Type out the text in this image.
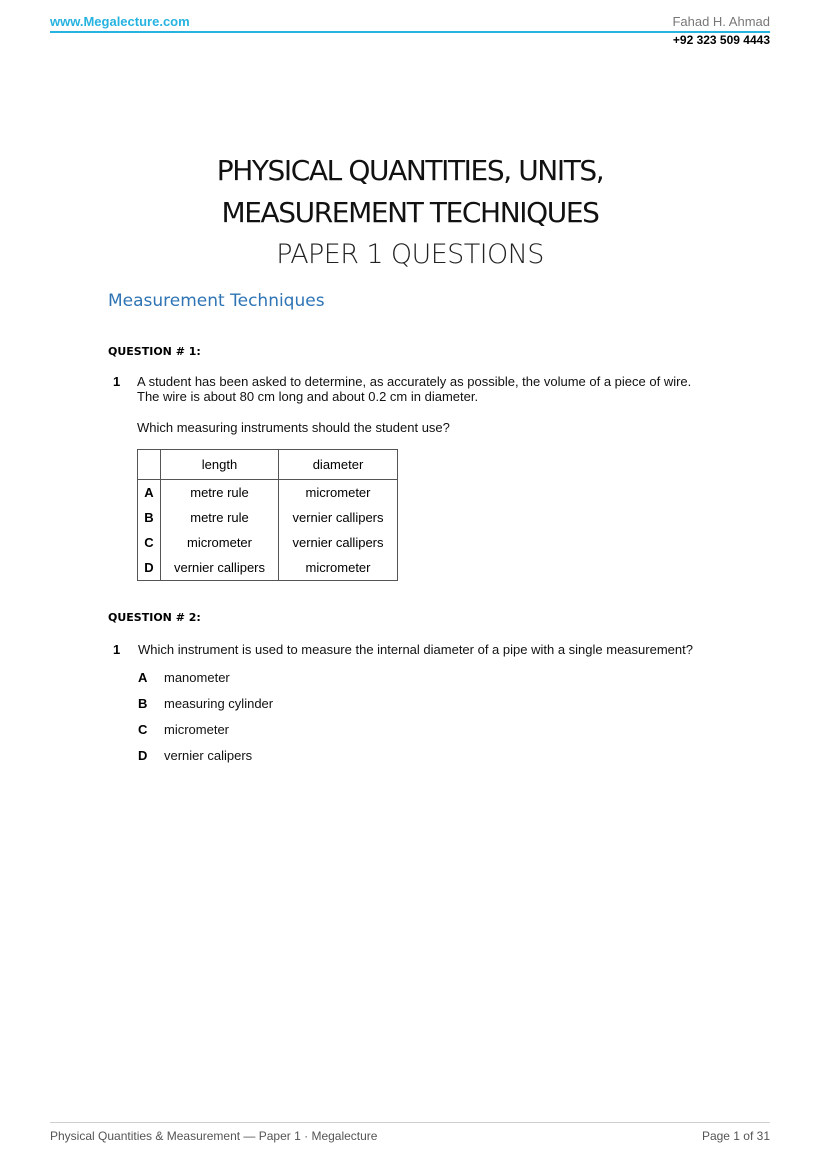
www.Megalecture.com	Fahad H. Ahmad
+92 323 509 4443
PHYSICAL QUANTITIES, UNITS,
MEASUREMENT TECHNIQUES
PAPER 1 QUESTIONS
Measurement Techniques
QUESTION # 1:
1 A student has been asked to determine, as accurately as possible, the volume of a piece of wire.
The wire is about 80 cm long and about 0.2 cm in diameter.
Which measuring instruments should the student use?
	length	diameter
A	metre rule	micrometer
B	metre rule	vernier callipers
C	micrometer	vernier callipers
D	vernier callipers	micrometer
QUESTION # 2:
1 Which instrument is used to measure the internal diameter of a pipe with a single measurement?
A manometer
B measuring cylinder
C micrometer
D vernier calipers
Physical Quantities & Measurement — Paper 1 · Megalecture	Page 1 of 31
